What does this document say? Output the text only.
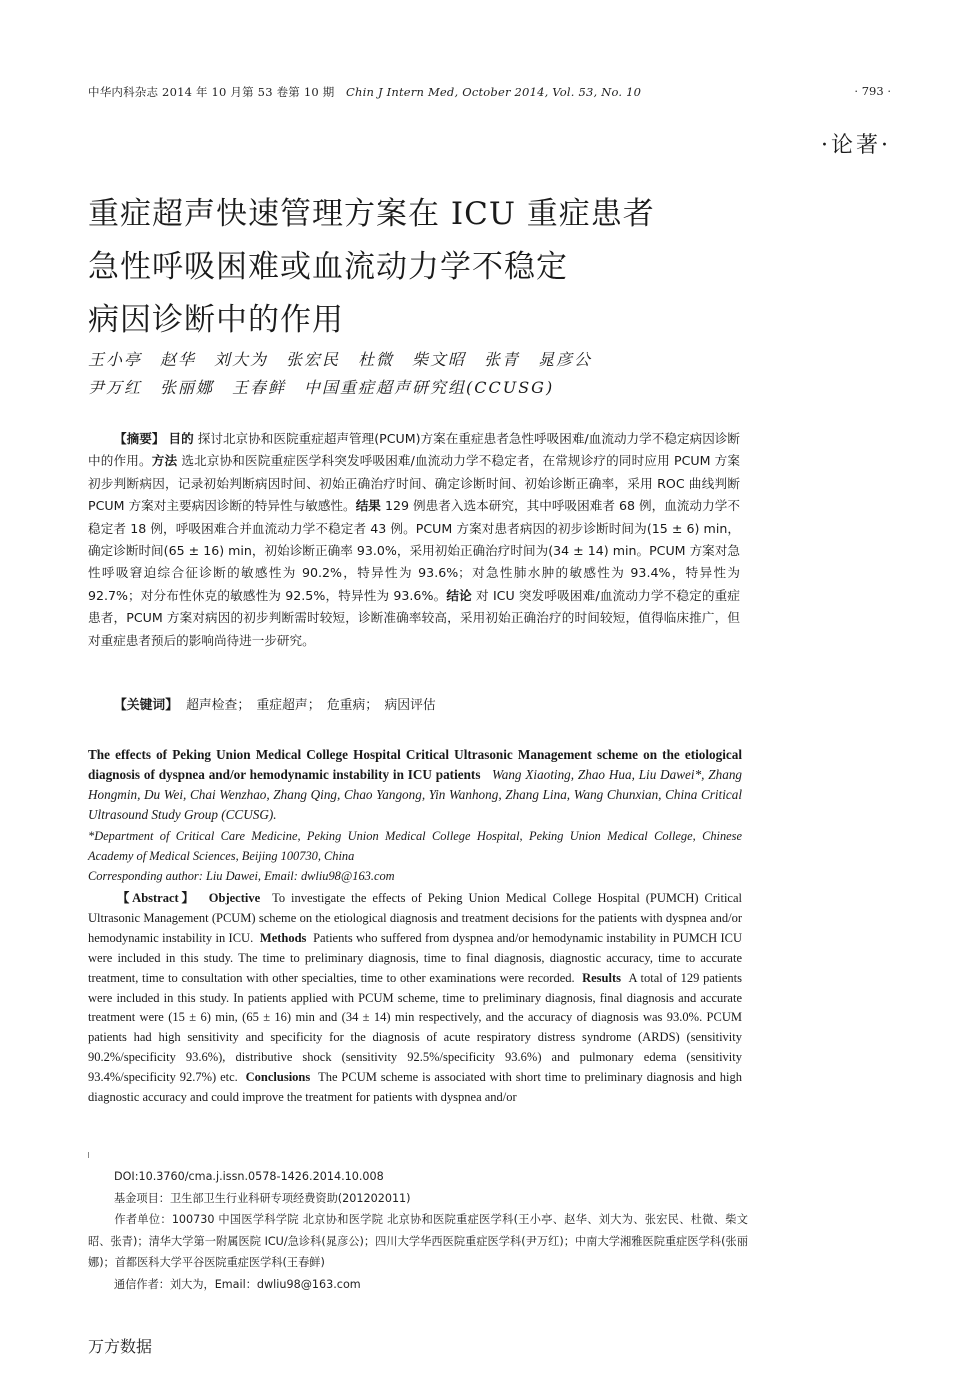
中华内科杂志 2014 年 10 月第 53 卷第 10 期 Chin J Intern Med, October 2014, Vol. 53, No. 10	· 793 ·
·论著·
重症超声快速管理方案在 ICU 重症患者
急性呼吸困难或血流动力学不稳定
病因诊断中的作用
王小亭　赵华　刘大为　张宏民　杜微　柴文昭　张青　晁彦公
尹万红　张丽娜　王春鲜　中国重症超声研究组(CCUSG)
【摘要】 目的 探讨北京协和医院重症超声管理(PCUM)方案在重症患者急性呼吸困难/血流动力学不稳定病因诊断中的作用。方法 选北京协和医院重症医学科突发呼吸困难/血流动力学不稳定者，在常规诊疗的同时应用 PCUM 方案初步判断病因，记录初始判断病因时间、初始正确治疗时间、确定诊断时间、初始诊断正确率，采用 ROC 曲线判断 PCUM 方案对主要病因诊断的特异性与敏感性。结果 129 例患者入选本研究，其中呼吸困难者 68 例，血流动力学不稳定者 18 例，呼吸困难合并血流动力学不稳定者 43 例。PCUM 方案对患者病因的初步诊断时间为(15 ± 6) min，确定诊断时间(65 ± 16) min，初始诊断正确率 93.0%，采用初始正确治疗时间为(34 ± 14) min。PCUM 方案对急性呼吸窘迫综合征诊断的敏感性为 90.2%，特异性为 93.6%；对急性肺水肿的敏感性为 93.4%，特异性为 92.7%；对分布性休克的敏感性为 92.5%，特异性为 93.6%。结论 对 ICU 突发呼吸困难/血流动力学不稳定的重症患者，PCUM 方案对病因的初步判断需时较短，诊断准确率较高，采用初始正确治疗的时间较短，值得临床推广，但对重症患者预后的影响尚待进一步研究。
【关键词】 超声检查；　重症超声；　危重病；　病因评估
The effects of Peking Union Medical College Hospital Critical Ultrasonic Management scheme on the etiological diagnosis of dyspnea and/or hemodynamic instability in ICU patients Wang Xiaoting, Zhao Hua, Liu Dawei*, Zhang Hongmin, Du Wei, Chai Wenzhao, Zhang Qing, Chao Yangong, Yin Wanhong, Zhang Lina, Wang Chunxian, China Critical Ultrasound Study Group (CCUSG).
*Department of Critical Care Medicine, Peking Union Medical College Hospital, Peking Union Medical College, Chinese Academy of Medical Sciences, Beijing 100730, China
Corresponding author: Liu Dawei, Email: dwliu98@163.com
【Abstract】 Objective To investigate the effects of Peking Union Medical College Hospital (PUMCH) Critical Ultrasonic Management (PCUM) scheme on the etiological diagnosis and treatment decisions for the patients with dyspnea and/or hemodynamic instability in ICU. Methods Patients who suffered from dyspnea and/or hemodynamic instability in PUMCH ICU were included in this study. The time to preliminary diagnosis, time to final diagnosis, diagnostic accuracy, time to accurate treatment, time to consultation with other specialties, time to other examinations were recorded. Results A total of 129 patients were included in this study. In patients applied with PCUM scheme, time to preliminary diagnosis, final diagnosis and accurate treatment were (15 ± 6) min, (65 ± 16) min and (34 ± 14) min respectively, and the accuracy of diagnosis was 93.0%. PCUM patients had high sensitivity and specificity for the diagnosis of acute respiratory distress syndrome (ARDS) (sensitivity 90.2%/specificity 93.6%), distributive shock (sensitivity 92.5%/specificity 93.6%) and pulmonary edema (sensitivity 93.4%/specificity 92.7%) etc. Conclusions The PCUM scheme is associated with short time to preliminary diagnosis and high diagnostic accuracy and could improve the treatment for patients with dyspnea and/or
DOI:10.3760/cma.j.issn.0578-1426.2014.10.008
基金项目：卫生部卫生行业科研专项经费资助(201202011)
作者单位：100730 中国医学科学院 北京协和医学院 北京协和医院重症医学科(王小亭、赵华、刘大为、张宏民、杜微、柴文昭、张青)；清华大学第一附属医院 ICU/急诊科(晁彦公)；四川大学华西医院重症医学科(尹万红)；中南大学湘雅医院重症医学科(张丽娜)；首都医科大学平谷医院重症医学科(王春鲜)
通信作者：刘大为，Email：dwliu98@163.com
万方数据
